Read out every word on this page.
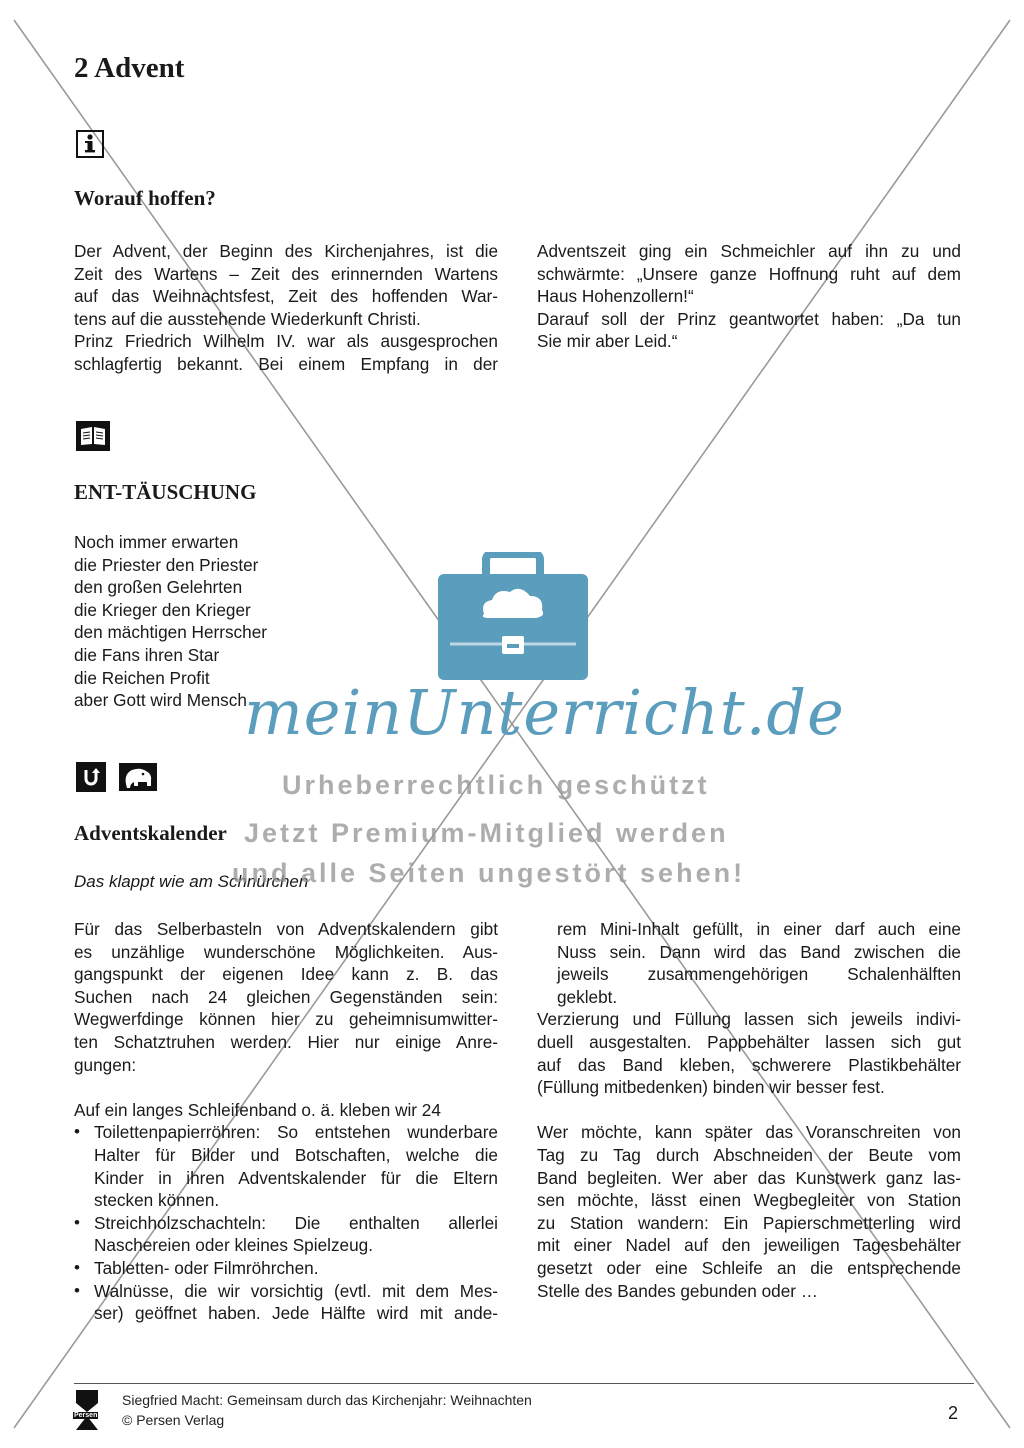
2 Advent
Worauf hoffen?
Der Advent, der Beginn des Kirchenjahres, ist die
Zeit des Wartens – Zeit des erinnernden Wartens
auf das Weihnachtsfest, Zeit des hoffenden War-
tens auf die ausstehende Wiederkunft Christi.
Prinz Friedrich Wilhelm IV. war als ausgesprochen
schlagfertig bekannt. Bei einem Empfang in der
Adventszeit ging ein Schmeichler auf ihn zu und
schwärmte: „Unsere ganze Hoffnung ruht auf dem
Haus Hohenzollern!“
Darauf soll der Prinz geantwortet haben: „Da tun
Sie mir aber Leid.“
ENT-TÄUSCHUNG
Noch immer erwarten
die Priester den Priester
den großen Gelehrten
die Krieger den Krieger
den mächtigen Herrscher
die Fans ihren Star
die Reichen Profit
aber Gott wird Mensch
Adventskalender
Das klappt wie am Schnürchen
Für das Selberbasteln von Adventskalendern gibt
es unzählige wunderschöne Möglichkeiten. Aus-
gangspunkt der eigenen Idee kann z. B. das
Suchen nach 24 gleichen Gegenständen sein:
Wegwerfdinge können hier zu geheimnisumwitter-
ten Schatztruhen werden. Hier nur einige Anre-
gungen:
Auf ein langes Schleifenband o. ä. kleben wir 24
• Toilettenpapierröhren: So entstehen wunderbare
Halter für Bilder und Botschaften, welche die
Kinder in ihren Adventskalender für die Eltern
stecken können.
• Streichholzschachteln: Die enthalten allerlei
Naschereien oder kleines Spielzeug.
• Tabletten- oder Filmröhrchen.
• Walnüsse, die wir vorsichtig (evtl. mit dem Mes-
ser) geöffnet haben. Jede Hälfte wird mit ande-
rem Mini-Inhalt gefüllt, in einer darf auch eine
Nuss sein. Dann wird das Band zwischen die
jeweils zusammengehörigen Schalenhälften
geklebt.
Verzierung und Füllung lassen sich jeweils indivi-
duell ausgestalten. Pappbehälter lassen sich gut
auf das Band kleben, schwerere Plastikbehälter
(Füllung mitbedenken) binden wir besser fest.
Wer möchte, kann später das Voranschreiten von
Tag zu Tag durch Abschneiden der Beute vom
Band begleiten. Wer aber das Kunstwerk ganz las-
sen möchte, lässt einen Wegbegleiter von Station
zu Station wandern: Ein Papierschmetterling wird
mit einer Nadel auf den jeweiligen Tagesbehälter
gesetzt oder eine Schleife an die entsprechende
Stelle des Bandes gebunden oder …
meinUnterricht.de
Urheberrechtlich geschützt
Jetzt Premium-Mitglied werden
und alle Seiten ungestört sehen!
Persen
Siegfried Macht: Gemeinsam durch das Kirchenjahr: Weihnachten
© Persen Verlag	2
